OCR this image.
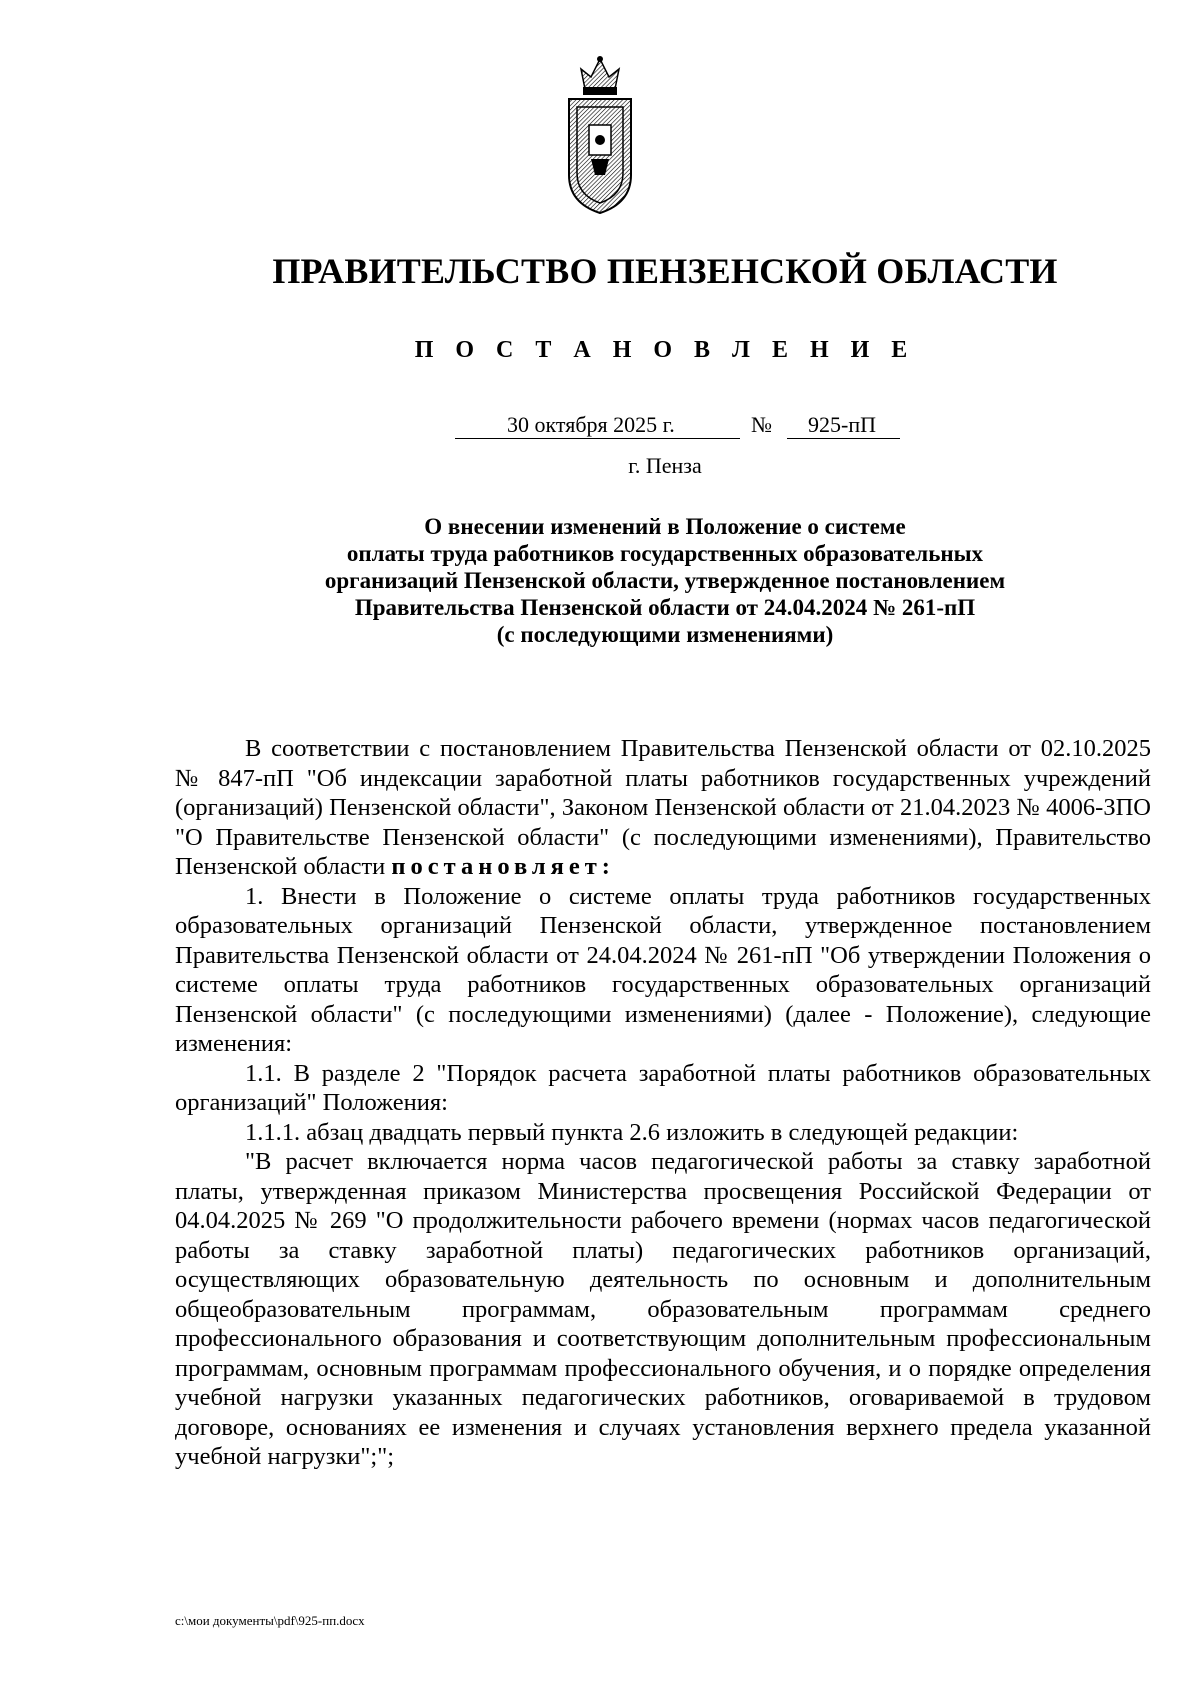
ПРАВИТЕЛЬСТВО ПЕНЗЕНСКОЙ ОБЛАСТИ
П О С Т А Н О В Л Е Н И Е
30 октября 2025 г.	№ 925-пП
г. Пенза
О внесении изменений в Положение о системе
оплаты труда работников государственных образовательных
организаций Пензенской области, утвержденное постановлением
Правительства Пензенской области от 24.04.2024 № 261-пП
(с последующими изменениями)

В соответствии с постановлением Правительства Пензенской области от 02.10.2025 № 847-пП "Об индексации заработной платы работников государственных учреждений (организаций) Пензенской области", Законом Пензенской области от 21.04.2023 № 4006-ЗПО "О Правительстве Пензенской области" (с последующими изменениями), Правительство Пензенской области постановляет:

1. Внести в Положение о системе оплаты труда работников государственных образовательных организаций Пензенской области, утвержденное постановлением Правительства Пензенской области от 24.04.2024 № 261-пП "Об утверждении Положения о системе оплаты труда работников государственных образовательных организаций Пензенской области" (с последующими изменениями) (далее - Положение), следующие изменения:

1.1. В разделе 2 "Порядок расчета заработной платы работников образовательных организаций" Положения:

1.1.1. абзац двадцать первый пункта 2.6 изложить в следующей редакции:

"В расчет включается норма часов педагогической работы за ставку заработной платы, утвержденная приказом Министерства просвещения Российской Федерации от 04.04.2025 № 269 "О продолжительности рабочего времени (нормах часов педагогической работы за ставку заработной платы) педагогических работников организаций, осуществляющих образовательную деятельность по основным и дополнительным общеобразовательным программам, образовательным программам среднего профессионального образования и соответствующим дополнительным профессиональным программам, основным программам профессионального обучения, и о порядке определения учебной нагрузки указанных педагогических работников, оговариваемой в трудовом договоре, основаниях ее изменения и случаях установления верхнего предела указанной учебной нагрузки";";

c:\мои документы\pdf\925-пп.docx
